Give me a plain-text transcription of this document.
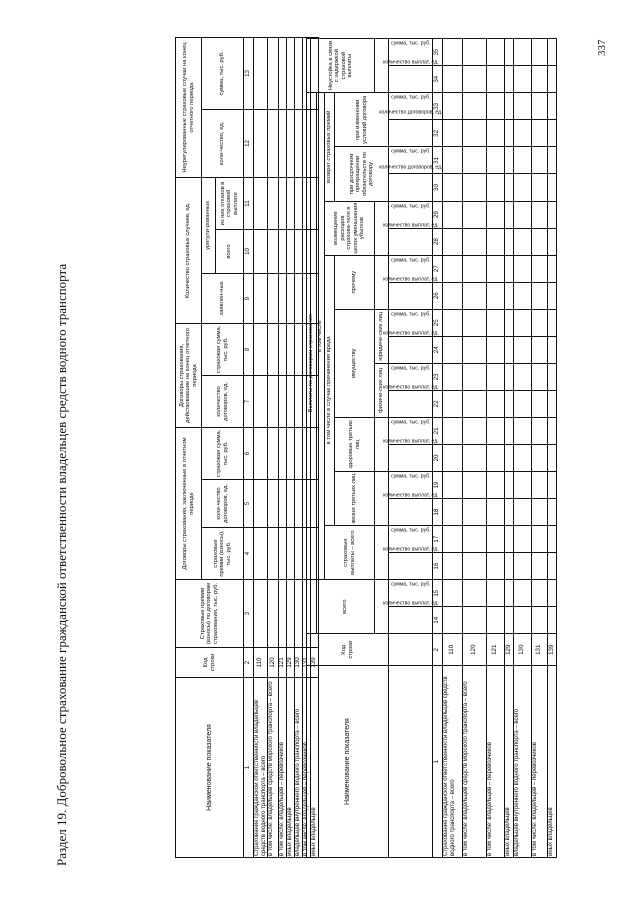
337
Раздел 19. Добровольное страхование гражданской ответственности владельцев средств водного транспорта	Наименование показателя	Код строки	Страховые премии (взносы) по договорам страхования, тыс. руб.	Договоры страхования, заключенные в отчетном периоде			Договоры страхования, действовавшие на конец отчетного периода		Количество страховых случаев, ед.			Неурегулированные страховые случаи на конец отчетного периода	
			страховые премии (взносы), тыс. руб.	коли-чество договоров, ед.	страховая сумма, тыс. руб.	количество договоров, ед.	страховая сумма, тыс. руб.	заявлен-ных	урегули-рованных		коли-чество, ед.	сумма, тыс. руб.
									всего	из них отказов в страховой выплате		
1	2	3	4	5	6	7	8	9	10	11	12	13
Страхование гражданской ответственности владельцев средств водного транспорта – всего	110											
в том числе: владельцев средств морского транспорта – всего	120											
в том числе: владельцев – перевозчиков	121											
иных владельцев	129											
владельцев внутреннего водного транспорта – всего	130											
в том числе: владельцев – перевозчиков	131											
иных владельцев	139											
Наименование показателя	Код строки	Выплаты по договорам страхования																				Неустойка в связи с задержкой страховой выплаты	
		всего		в том числе																			
				страховые выплаты – всего		в том числе в случае причинения вреда										возмещение расходов страхова-теля в целях уменьшения убытков		возврат страховых премий					
						жизни третьих лиц		здоровью третьих лиц		имуществу				прочему				при досрочном прекращении обязательств по договору		при изменении условий договора			
										физиче-ских лиц		юридиче-ских лиц											
		количество выплат, ед.	сумма, тыс. руб.	количество выплат, ед.	сумма, тыс. руб.	количество выплат, ед.	сумма, тыс. руб.	количество выплат, ед.	сумма, тыс. руб.	количество выплат, ед.	сумма, тыс. руб.	количество выплат, ед.	сумма, тыс. руб.	количество выплат, ед.	сумма, тыс. руб.	количество выплат, ед.	сумма, тыс. руб.	количество договоров, ед.	сумма, тыс. руб.	количество договоров, ед.	сумма, тыс. руб.	количество выплат, ед.	сумма, тыс. руб.
1	2	14	15	16	17	18	19	20	21	22	23	24	25	26	27	28	29	30	31	32	33	34	35
Страхование гражданской ответственности владельцев средств водного транспорта – всего	110																						
в том числе: владельцев средств морского транспорта – всего	120																						
в том числе: владельцев – перевозчиков	121																						
иных владельцев	129																						
владельцев внутреннего водного транспорта – всего	130																						
в том числе: владельцев – перевозчиков	131																						
иных владельцев	139																						
